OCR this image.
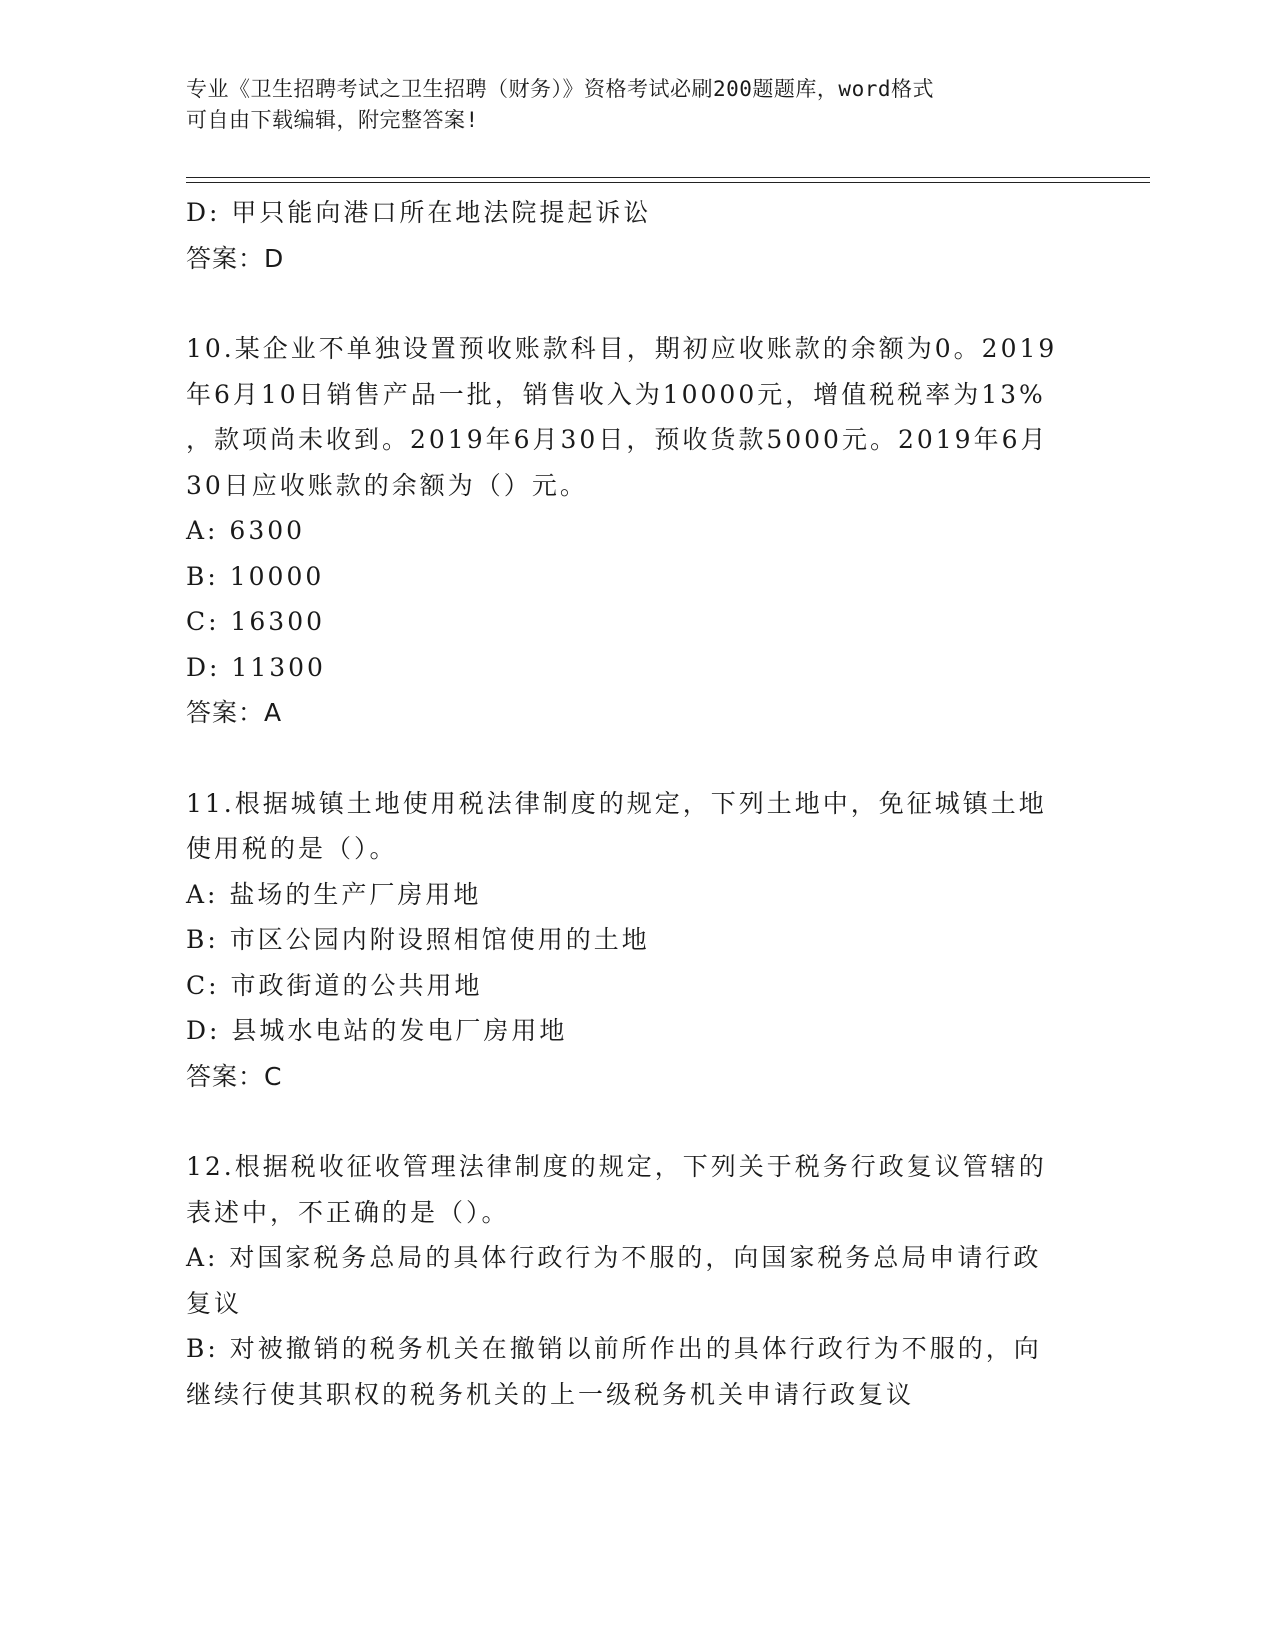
专业《卫生招聘考试之卫生招聘（财务）》资格考试必刷200题题库，word格式
可自由下载编辑，附完整答案!
D: 甲只能向港口所在地法院提起诉讼
答案：D
10.某企业不单独设置预收账款科目，期初应收账款的余额为0。2019
年6月10日销售产品一批，销售收入为10000元，增值税税率为13%
，款项尚未收到。2019年6月30日，预收货款5000元。2019年6月
30日应收账款的余额为（）元。
A: 6300
B: 10000
C: 16300
D: 11300
答案：A
11.根据城镇土地使用税法律制度的规定，下列土地中，免征城镇土地
使用税的是（）。
A: 盐场的生产厂房用地
B: 市区公园内附设照相馆使用的土地
C: 市政街道的公共用地
D: 县城水电站的发电厂房用地
答案：C
12.根据税收征收管理法律制度的规定，下列关于税务行政复议管辖的
表述中，不正确的是（）。
A: 对国家税务总局的具体行政行为不服的，向国家税务总局申请行政
复议
B: 对被撤销的税务机关在撤销以前所作出的具体行政行为不服的，向
继续行使其职权的税务机关的上一级税务机关申请行政复议
